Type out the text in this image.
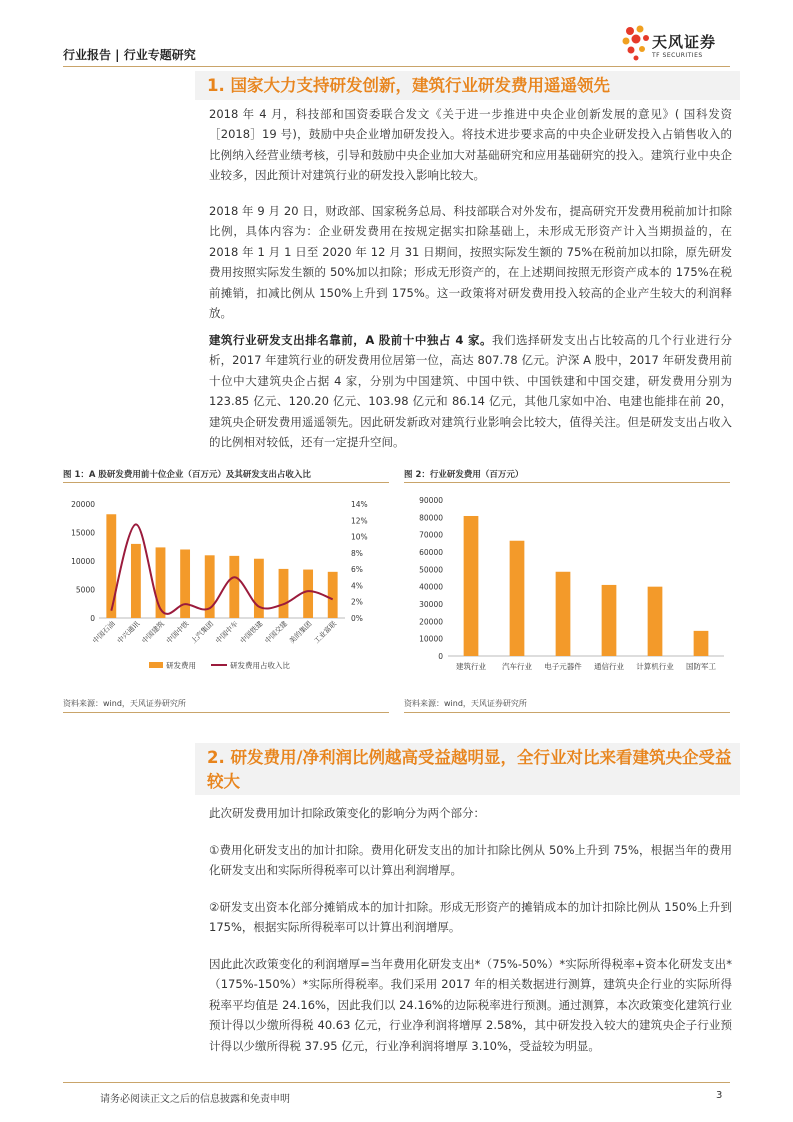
行业报告 | 行业专题研究
天风证券
TF SECURITIES
1. 国家大力支持研发创新，建筑行业研发费用遥遥领先

2018 年 4 月，科技部和国资委联合发文《关于进一步推进中央企业创新发展的意见》( 国科发资［2018］19 号)，鼓励中央企业增加研发投入。将技术进步要求高的中央企业研发投入占销售收入的比例纳入经营业绩考核，引导和鼓励中央企业加大对基础研究和应用基础研究的投入。建筑行业中央企业较多，因此预计对建筑行业的研发投入影响比较大。

2018 年 9 月 20 日，财政部、国家税务总局、科技部联合对外发布，提高研究开发费用税前加计扣除比例，具体内容为：企业研发费用在按规定据实扣除基础上，未形成无形资产计入当期损益的，在 2018 年 1 月 1 日至 2020 年 12 月 31 日期间，按照实际发生额的 75%在税前加以扣除，原先研发费用按照实际发生额的 50%加以扣除；形成无形资产的，在上述期间按照无形资产成本的 175%在税前摊销，扣减比例从 150%上升到 175%。这一政策将对研发费用投入较高的企业产生较大的利润释放。

建筑行业研发支出排名靠前，A 股前十中独占 4 家。我们选择研发支出占比较高的几个行业进行分析，2017 年建筑行业的研发费用位居第一位，高达 807.78 亿元。沪深 A 股中，2017 年研发费用前十位中大建筑央企占据 4 家，分别为中国建筑、中国中铁、中国铁建和中国交建，研发费用分别为 123.85 亿元、120.20 亿元、103.98 亿元和 86.14 亿元，其他几家如中冶、电建也能排在前 20，建筑央企研发费用遥遥领先。因此研发新政对建筑行业影响会比较大，值得关注。但是研发支出占收入的比例相对较低，还有一定提升空间。

图 1：A 股研发费用前十位企业（百万元）及其研发支出占收入比
0
5000
10000
15000
20000
0%
2%
4%
6%
8%
10%
12%
14%
中国石油 中兴通讯 中国建筑 中国中铁 上汽集团 中国中车 中国铁建 中国交建 美的集团 工业富联
研发费用	研发费用占收入比
资料来源：wind，天风证券研究所
图 2：行业研发费用（百万元）
0
10000
20000
30000
40000
50000
60000
70000
80000
90000
建筑行业 汽车行业 电子元器件 通信行业 计算机行业 国防军工
资料来源：wind，天风证券研究所
2. 研发费用/净利润比例越高受益越明显，全行业对比来看建筑央企受益较大

此次研发费用加计扣除政策变化的影响分为两个部分：

①费用化研发支出的加计扣除。费用化研发支出的加计扣除比例从 50%上升到 75%，根据当年的费用化研发支出和实际所得税率可以计算出利润增厚。

②研发支出资本化部分摊销成本的加计扣除。形成无形资产的摊销成本的加计扣除比例从 150%上升到 175%，根据实际所得税率可以计算出利润增厚。

因此此次政策变化的利润增厚=当年费用化研发支出*（75%-50%）*实际所得税率+资本化研发支出*（175%-150%）*实际所得税率。我们采用 2017 年的相关数据进行测算，建筑央企行业的实际所得税率平均值是 24.16%，因此我们以 24.16%的边际税率进行预测。通过测算，本次政策变化建筑行业预计得以少缴所得税 40.63 亿元，行业净利润将增厚 2.58%，其中研发投入较大的建筑央企子行业预计得以少缴所得税 37.95 亿元，行业净利润将增厚 3.10%，受益较为明显。

请务必阅读正文之后的信息披露和免责申明	3
